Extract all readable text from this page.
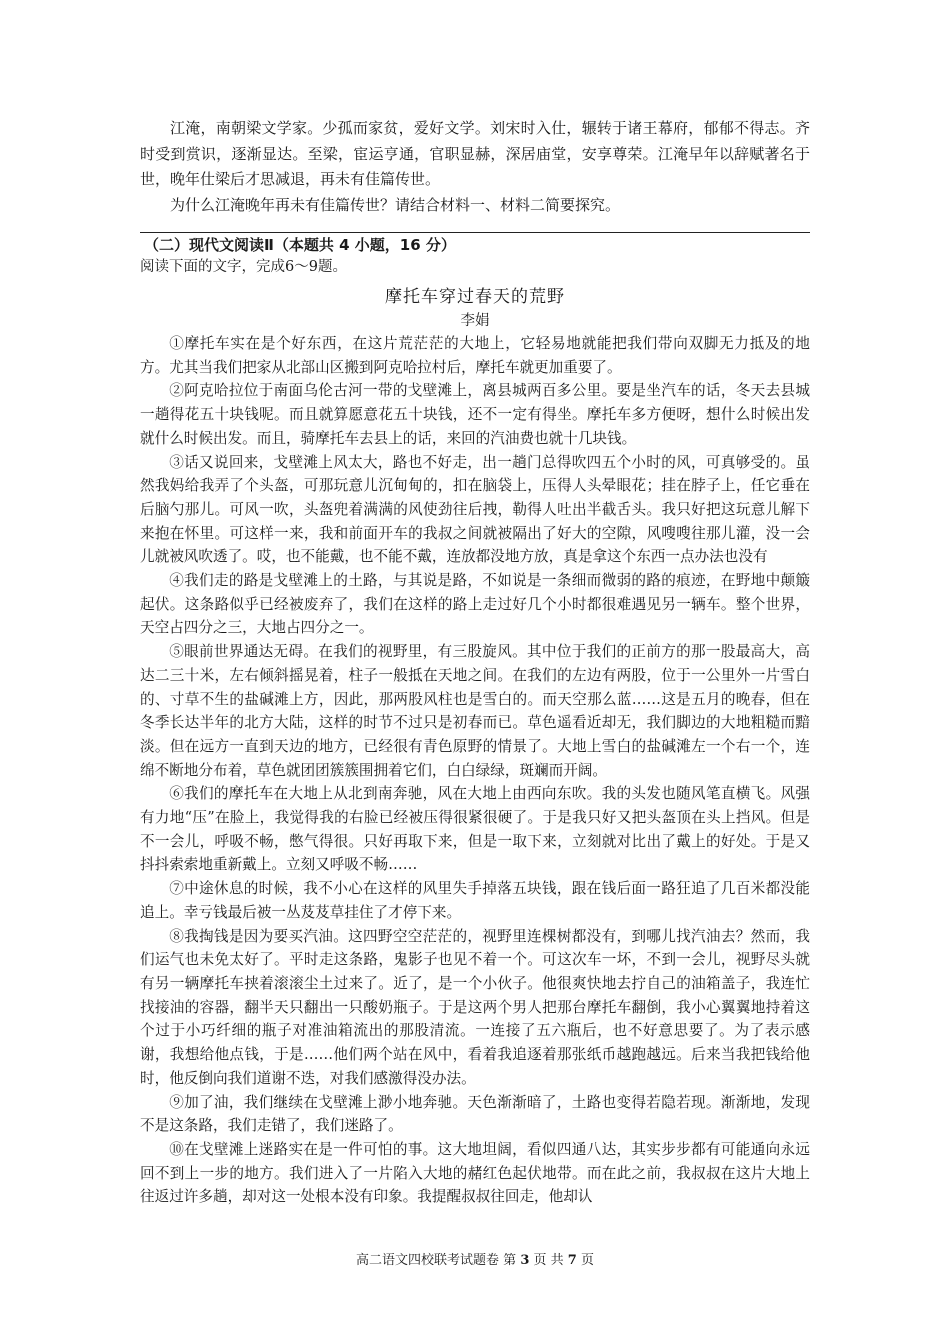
江淹，南朝梁文学家。少孤而家贫，爱好文学。刘宋时入仕，辗转于诸王幕府，郁郁不得志。齐时受到赏识，逐渐显达。至梁，宦运亨通，官职显赫，深居庙堂，安享尊荣。江淹早年以辞赋著名于世，晚年仕梁后才思减退，再未有佳篇传世。

为什么江淹晚年再未有佳篇传世？请结合材料一、材料二简要探究。

（二）现代文阅读Ⅱ（本题共 4 小题，16 分）

阅读下面的文字，完成6～9题。

摩托车穿过春天的荒野

李娟

①摩托车实在是个好东西，在这片荒茫茫的大地上，它轻易地就能把我们带向双脚无力抵及的地方。尤其当我们把家从北部山区搬到阿克哈拉村后，摩托车就更加重要了。

②阿克哈拉位于南面乌伦古河一带的戈壁滩上，离县城两百多公里。要是坐汽车的话，冬天去县城一趟得花五十块钱呢。而且就算愿意花五十块钱，还不一定有得坐。摩托车多方便呀，想什么时候出发就什么时候出发。而且，骑摩托车去县上的话，来回的汽油费也就十几块钱。

③话又说回来，戈壁滩上风太大，路也不好走，出一趟门总得吹四五个小时的风，可真够受的。虽然我妈给我弄了个头盔，可那玩意儿沉甸甸的，扣在脑袋上，压得人头晕眼花；挂在脖子上，任它垂在后脑勺那儿。可风一吹，头盔兜着满满的风使劲往后拽，勒得人吐出半截舌头。我只好把这玩意儿解下来抱在怀里。可这样一来，我和前面开车的我叔之间就被隔出了好大的空隙，风嗖嗖往那儿灌，没一会儿就被风吹透了。哎，也不能戴，也不能不戴，连放都没地方放，真是拿这个东西一点办法也没有

④我们走的路是戈壁滩上的土路，与其说是路，不如说是一条细而微弱的路的痕迹，在野地中颠簸起伏。这条路似乎已经被废弃了，我们在这样的路上走过好几个小时都很难遇见另一辆车。整个世界，天空占四分之三，大地占四分之一。

⑤眼前世界通达无碍。在我们的视野里，有三股旋风。其中位于我们的正前方的那一股最高大，高达二三十米，左右倾斜摇晃着，柱子一般抵在天地之间。在我们的左边有两股，位于一公里外一片雪白的、寸草不生的盐碱滩上方，因此，那两股风柱也是雪白的。而天空那么蓝……这是五月的晚春，但在冬季长达半年的北方大陆，这样的时节不过只是初春而已。草色遥看近却无，我们脚边的大地粗糙而黯淡。但在远方一直到天边的地方，已经很有青色原野的情景了。大地上雪白的盐碱滩左一个右一个，连绵不断地分布着，草色就团团簇簇围拥着它们，白白绿绿，斑斓而开阔。

⑥我们的摩托车在大地上从北到南奔驰，风在大地上由西向东吹。我的头发也随风笔直横飞。风强有力地“压”在脸上，我觉得我的右脸已经被压得很紧很硬了。于是我只好又把头盔顶在头上挡风。但是不一会儿，呼吸不畅，憋气得很。只好再取下来，但是一取下来，立刻就对比出了戴上的好处。于是又抖抖索索地重新戴上。立刻又呼吸不畅……

⑦中途休息的时候，我不小心在这样的风里失手掉落五块钱，跟在钱后面一路狂追了几百米都没能追上。幸亏钱最后被一丛芨芨草挂住了才停下来。

⑧我掏钱是因为要买汽油。这四野空空茫茫的，视野里连棵树都没有，到哪儿找汽油去？然而，我们运气也未免太好了。平时走这条路，鬼影子也见不着一个。可这次车一坏，不到一会儿，视野尽头就有另一辆摩托车挟着滚滚尘土过来了。近了，是一个小伙子。他很爽快地去拧自己的油箱盖子，我连忙找接油的容器，翻半天只翻出一只酸奶瓶子。于是这两个男人把那台摩托车翻倒，我小心翼翼地持着这个过于小巧纤细的瓶子对准油箱流出的那股清流。一连接了五六瓶后，也不好意思要了。为了表示感谢，我想给他点钱，于是……他们两个站在风中，看着我追逐着那张纸币越跑越远。后来当我把钱给他时，他反倒向我们道谢不迭，对我们感激得没办法。

⑨加了油，我们继续在戈壁滩上渺小地奔驰。天色渐渐暗了，土路也变得若隐若现。渐渐地，发现不是这条路，我们走错了，我们迷路了。

⑩在戈壁滩上迷路实在是一件可怕的事。这大地坦阔，看似四通八达，其实步步都有可能通向永远回不到上一步的地方。我们进入了一片陷入大地的赭红色起伏地带。而在此之前，我叔叔在这片大地上往返过许多趟，却对这一处根本没有印象。我提醒叔叔往回走，他却认

高二语文四校联考试题卷 第 3 页 共 7 页
